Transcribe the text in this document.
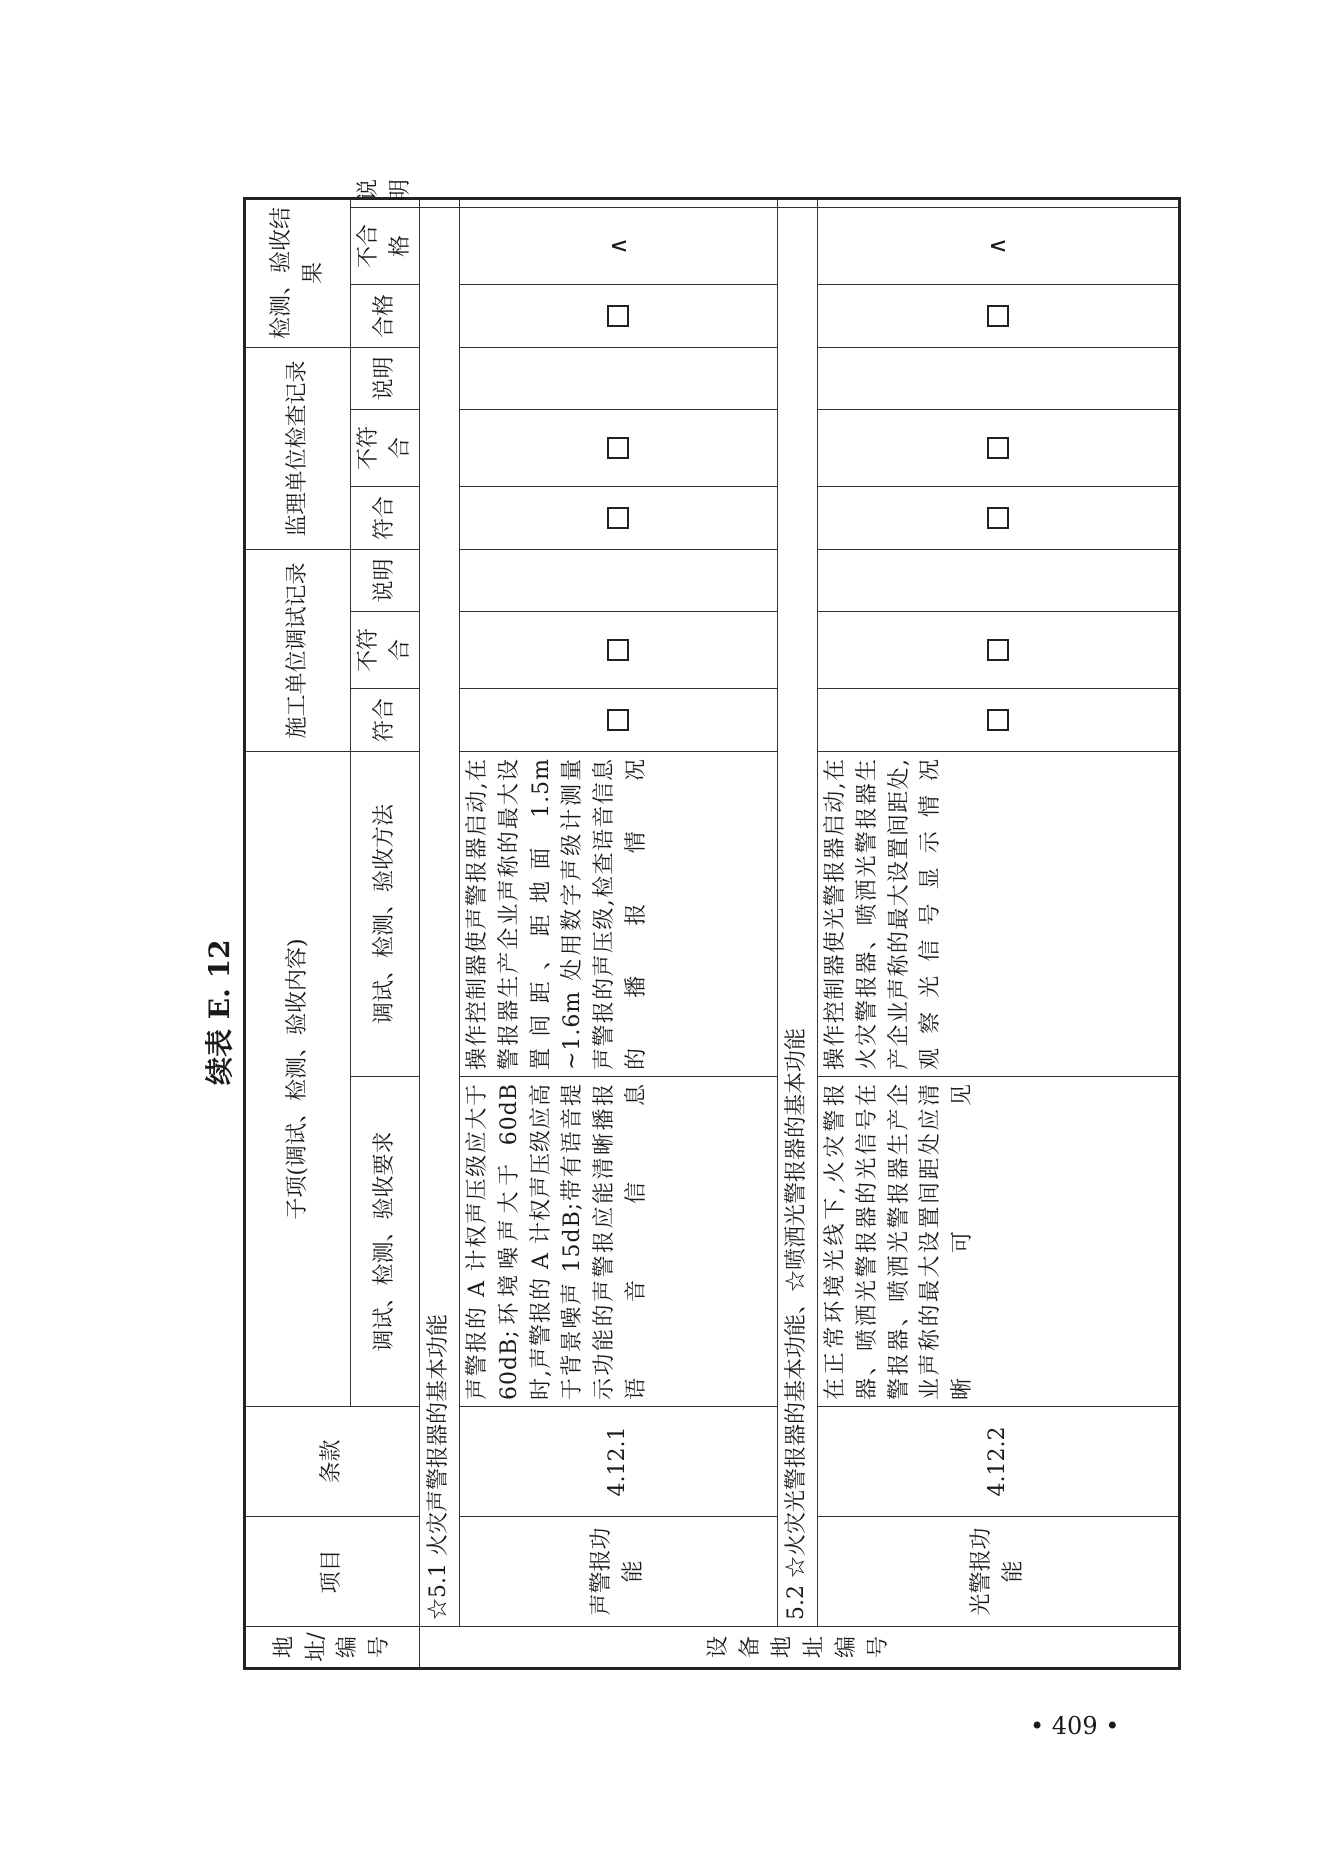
续表 E. 12
地址/编号	项目	条款	子项(调试、检测、验收内容)		施工单位调试记录			监理单位检查记录			检测、验收结果		
			调试、检测、验收要求	调试、检测、验收方法	符合	不符合	说明	符合	不符合	说明	合格	不合格	说明
设备地址编号	☆5.1 火灾声警报器的基本功能												
	声警报功能	4.12.1	声警报的 A 计权声压级应大于60dB;环境噪声大于 60dB 时,声警报的 A 计权声压级应高于背景噪声 15dB;带有语音提示功能的声警报应能清晰播报语音信息	操作控制器使声警报器启动,在警报器生产企业声称的最大设置间距、距地面 1.5m ~1.6m 处用数字声级计测量声警报的声压级,检查语音信息的播报情况								∧	
	5.2 ☆火灾光警报器的基本功能、☆喷洒光警报器的基本功能												
	光警报功能	4.12.2	在正常环境光线下,火灾警报器、喷洒光警报器的光信号在警报器、喷洒光警报器生产企业声称的最大设置间距处应清晰可见	操作控制器使光警报器启动,在火灾警报器、喷洒光警报器生产企业声称的最大设置间距处,观察光信号显示情况								∧	
• 409 •
